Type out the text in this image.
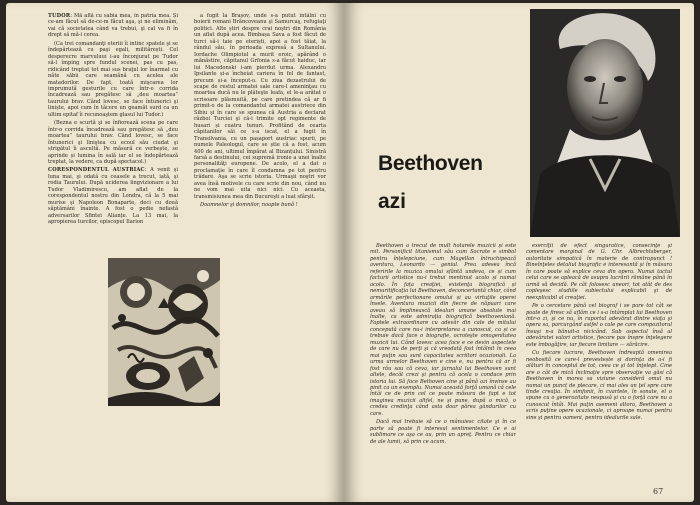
TUDOR: Mă află cu sabia mea, în patria mea. Și ce-am făcut să de-ce-m făcut aşa, şi ne eliminăm, vai că societatea când va trebui, şi cal va fi în drept să mă-i cerea.

(Ca trei comandanţi eteriii îi intinc spatele şi se îndepărtează cu paşi egali, militărești. Cel desperecre marvuluui i-au înconjurat pe Tudor să-l împing spre fundul scenei, pas cu pas, ridicând treptat tot mai sus braţul lor înarmat cu năte săbii care seamănă cu acelea ale matadorilor. De fapt, toată mişcarea lor imprumută gesturile cu care într-o corrida încadrează sau pregătesc să „deu moartea” taurului brav. Când lovesc, se face întunerici şi liniște, apoi cum în tăcere un geamăt surd ca un ultim epitaf îi recunoaştem glasul lui Tudor.)

(Bezna e scurtă şi se înfiorează scena pe care într-o corrida încadrează sau pregătesc să „deu moartea” taurului brav. Când lovesc, se face întunerici şi liniştea cu ecoul său ciudat şi strigătul îi ascultă. Pe măsură ce verbește, se aprinde și lumina în sală iar el se îndepărtează treptat, la vedere, ca după spectacol.)

CORESPONDENTUL AUSTRIAC: A venit şi luna mai, şi odată cu ceasele a trecut, iată, şi rodia Taurului. După uciderea lingvizionare a lui Tudor Vladimirescu, am aflat de la corespondentul nostru din Londra, că la 5 mai murise şi Napoleon Bonaparte, deci cu două săptămâni înainte. A fost o pedie nefastă adversarilor Sfintei Alianțe. La 13 mai, la apropierea turcilor, episcopul Ilarion

a fugit la Brașov, unde s-a putut întâlni cu boierii romani Brâncoveanu şi Samurcaş, refugiaţi politici. Alte știri despre crai noştri din România un aflat după acea. Bimbașa Sava a fost făcut de turci să-i taie pe eteriști, apoi a fost tăiat, la rândul său, în perioada expresă a Sultanului. Iordache Olimpiotul a murit eroic, apărând o mănăstire, căpitanul Grfonia s-a făcut haiduc, iar lui Macedonski i-am pierdut urma. Alexandru Ipsilante și-a încheiat cariera în fel de fantast, precum și-a început-o. Cu ziua dezastrului de scape de restul armatei sale care-l ameninţau cu moartea ducă nu le plăteşte leafa, el le-a arătat o scrisoare plăsmuită, pe care pretindea că ar fi primit-o de la comandantul armatei austriece din Sibiu şi în care se spunea că Austria a declarat război Turciei şi că-i trimite opt regimente de husari și cuatru tunuri. Profitând de cearta căpitanilor săi ce s-a iscat, el a fugit în Transilvania, cu un pașaport austriac spurii, pe numele Paleologul, care se știe că a fost, acum 400 de ani, ultimul împărat al Bizanțului. Sinistră farsă a destinului, cei supremă ironie a unei înalte personalităţi europene. De acolo, el a dat o proclamaţie în care îl condamna pe tot pentru trădare. Aşa se scrie istoria. Urmaşii noştri vor avea însă motivele cu care scrie din nou, când nu ne vom mai uita nici nici. Cu aceasta, transmisiunea mea din Bucureşti a luat sfârşit.

Doamnelor şi domnilor, noapte bună !

Beethoven
azi

Beethoven a trecut de mult hotarele muzicii și este mit. Personificit titanismul său cum Socrate e simbol pentru înțelepciune, cum Magellan întruchipează aventura, Leonardo — geniul. Prea adesea încă referirile la muzica omului sfântă undeva, ce și cum facturii artistice nu-i trebui mentinut acolo și numai acolo. În fața creaţiei, existenţa biografică și nemuritificaţia lui Beethoven, deconcertantă chiar, când armările perfectionare omului și au virtuţile operei însele. Aventura muzicii din fiecre de năpuari care aveau să împlinească idealuri umane absolute mai înalte, ca este admiraţia biografică beethoveniană. Faptele extraordinare cu adevăr din cale de mitului concepută care nu-i interpretarea a cunoscut, ca și ce trebuie dacă face o biografie, ocroteşte omogenitatea muzicii lui. Când lovesc acea face e ce devin aspectele de care nu de perţi şi că vreodată fost întâlnit în ceea mai puţin sau sunt capacitatea scriitori ocazionali. La urma urmelor Beethoven e cine e, nu pentru că ar fi fost rău sau că ceva, iar jurnalul lui Beethoven sunt altele, decât crezi şi pentru că acela o conduce prin istoria lui. Să face Bethoven cine şi până azi învinse au pinit ca un exemplu. Numai această forţă umană că cele întâi ce de prin cel ce poate măsura de fapt e tot imaginea muzicii altfel, ne şi pune, după o mică, o credea credinţa când asta doar părea gândurilor cu care.

Dacă mai trebuie să ce o mânuiesc citate şi în ce parte să poate fi interesul sentimentelor. Ce e ai sublimare ce aşa ce au, prin un apreţ. Pentru ce chiar de ale lumii, să prin ce acum.

exerciţii de efect singuratice, consecinţe şi comentare marginal de G. Chr. Albrechtsberger, autoritate simpatică în materie de contrapunct ! Bineînţeles detaliul biografic e interesantă şi în măsura în care poate să explice ceva din opera. Numai tactul celui care se apleacă de asupra lucrării rămâne până în urmă să decidă. Pe cât folosesc uneori, tot atât de des copleşesc studiile subiectului explicabil şi de neexplicabil al creaţiei.

Pe o cercetare până cel biograf i se pare tot cât se poate de firesc să aflăm ce i s-a întâmplat lui Beethoven într-o zi, şi ce nu, în raportul adevărat dintre viaţa şi opera sa, parcurgând astfel o cale pe care compozitorul însuşi n-a bănuit-o nicicând. Sub aspectul însă al adevăratei valori artistice, fiecare pas înspre înţelegere este îmbogăţire, iar fiecare limitare — sărăcire.

Cu fiecare lucrare, Beethoven îndreaptă omenirea neobosită ce care-l prevestește și dorinţa de a-i fi alături în conceptul de tot, ceea ce şi tot înţelept. Cine are o cât de mică înclinaţie spre observaţie va găsi că Beethoven în marea sa viziune consideră omul nu numai un punct de plecare, ci mai ales un ţel spre care tinde creaţia. În simfonii, în cvartete, în sonate, el o spune cu o generozitate nespusă şi cu o forţă care nu a cunoscut întâi. Mai puţin asemeni altora, Beethoven a scris puţine opere ocazionale, ci aproape numai pentru sine şi pentru oameni, pentru idealurile sale.

67
